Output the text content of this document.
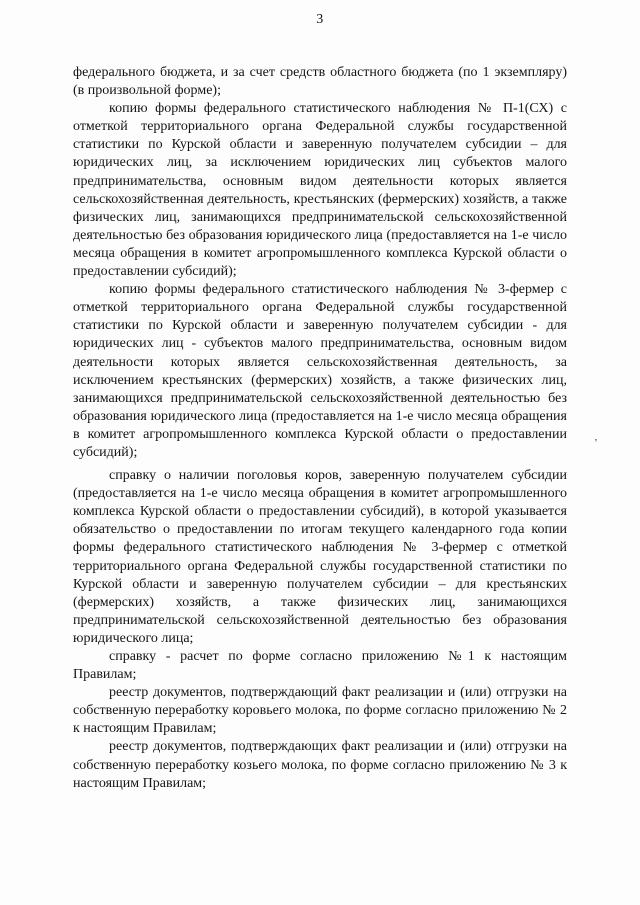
3

федерального бюджета, и за счет средств областного бюджета (по 1 экземпляру) (в произвольной форме);

копию формы федерального статистического наблюдения № П-1(СХ) с отметкой территориального органа Федеральной службы государственной статистики по Курской области и заверенную получателем субсидии – для юридических лиц, за исключением юридических лиц субъектов малого предпринимательства, основным видом деятельности которых является сельскохозяйственная деятельность, крестьянских (фермерских) хозяйств, а также физических лиц, занимающихся предпринимательской сельскохозяйственной деятельностью без образования юридического лица (предоставляется на 1-е число месяца обращения в комитет агропромышленного комплекса Курской области о предоставлении субсидий);

копию формы федерального статистического наблюдения № 3-фермер с отметкой территориального органа Федеральной службы государственной статистики по Курской области и заверенную получателем субсидии - для юридических лиц - субъектов малого предпринимательства, основным видом деятельности которых является сельскохозяйственная деятельность, за исключением крестьянских (фермерских) хозяйств, а также физических лиц, занимающихся предпринимательской сельскохозяйственной деятельностью без образования юридического лица (предоставляется на 1-е число месяца обращения в комитет агропромышленного комплекса Курской области о предоставлении субсидий);

справку о наличии поголовья коров, заверенную получателем субсидии (предоставляется на 1-е число месяца обращения в комитет агропромышленного комплекса Курской области о предоставлении субсидий), в которой указывается обязательство о предоставлении по итогам текущего календарного года копии формы федерального статистического наблюдения № 3-фермер с отметкой территориального органа Федеральной службы государственной статистики по Курской области и заверенную получателем субсидии – для крестьянских (фермерских) хозяйств, а также физических лиц, занимающихся предпринимательской сельскохозяйственной деятельностью без образования юридического лица;

справку - расчет по форме согласно приложению №1 к настоящим Правилам;

реестр документов, подтверждающий факт реализации и (или) отгрузки на собственную переработку коровьего молока, по форме согласно приложению № 2 к настоящим Правилам;

реестр документов, подтверждающих факт реализации и (или) отгрузки на собственную переработку козьего молока, по форме согласно приложению № 3 к настоящим Правилам;

‚
